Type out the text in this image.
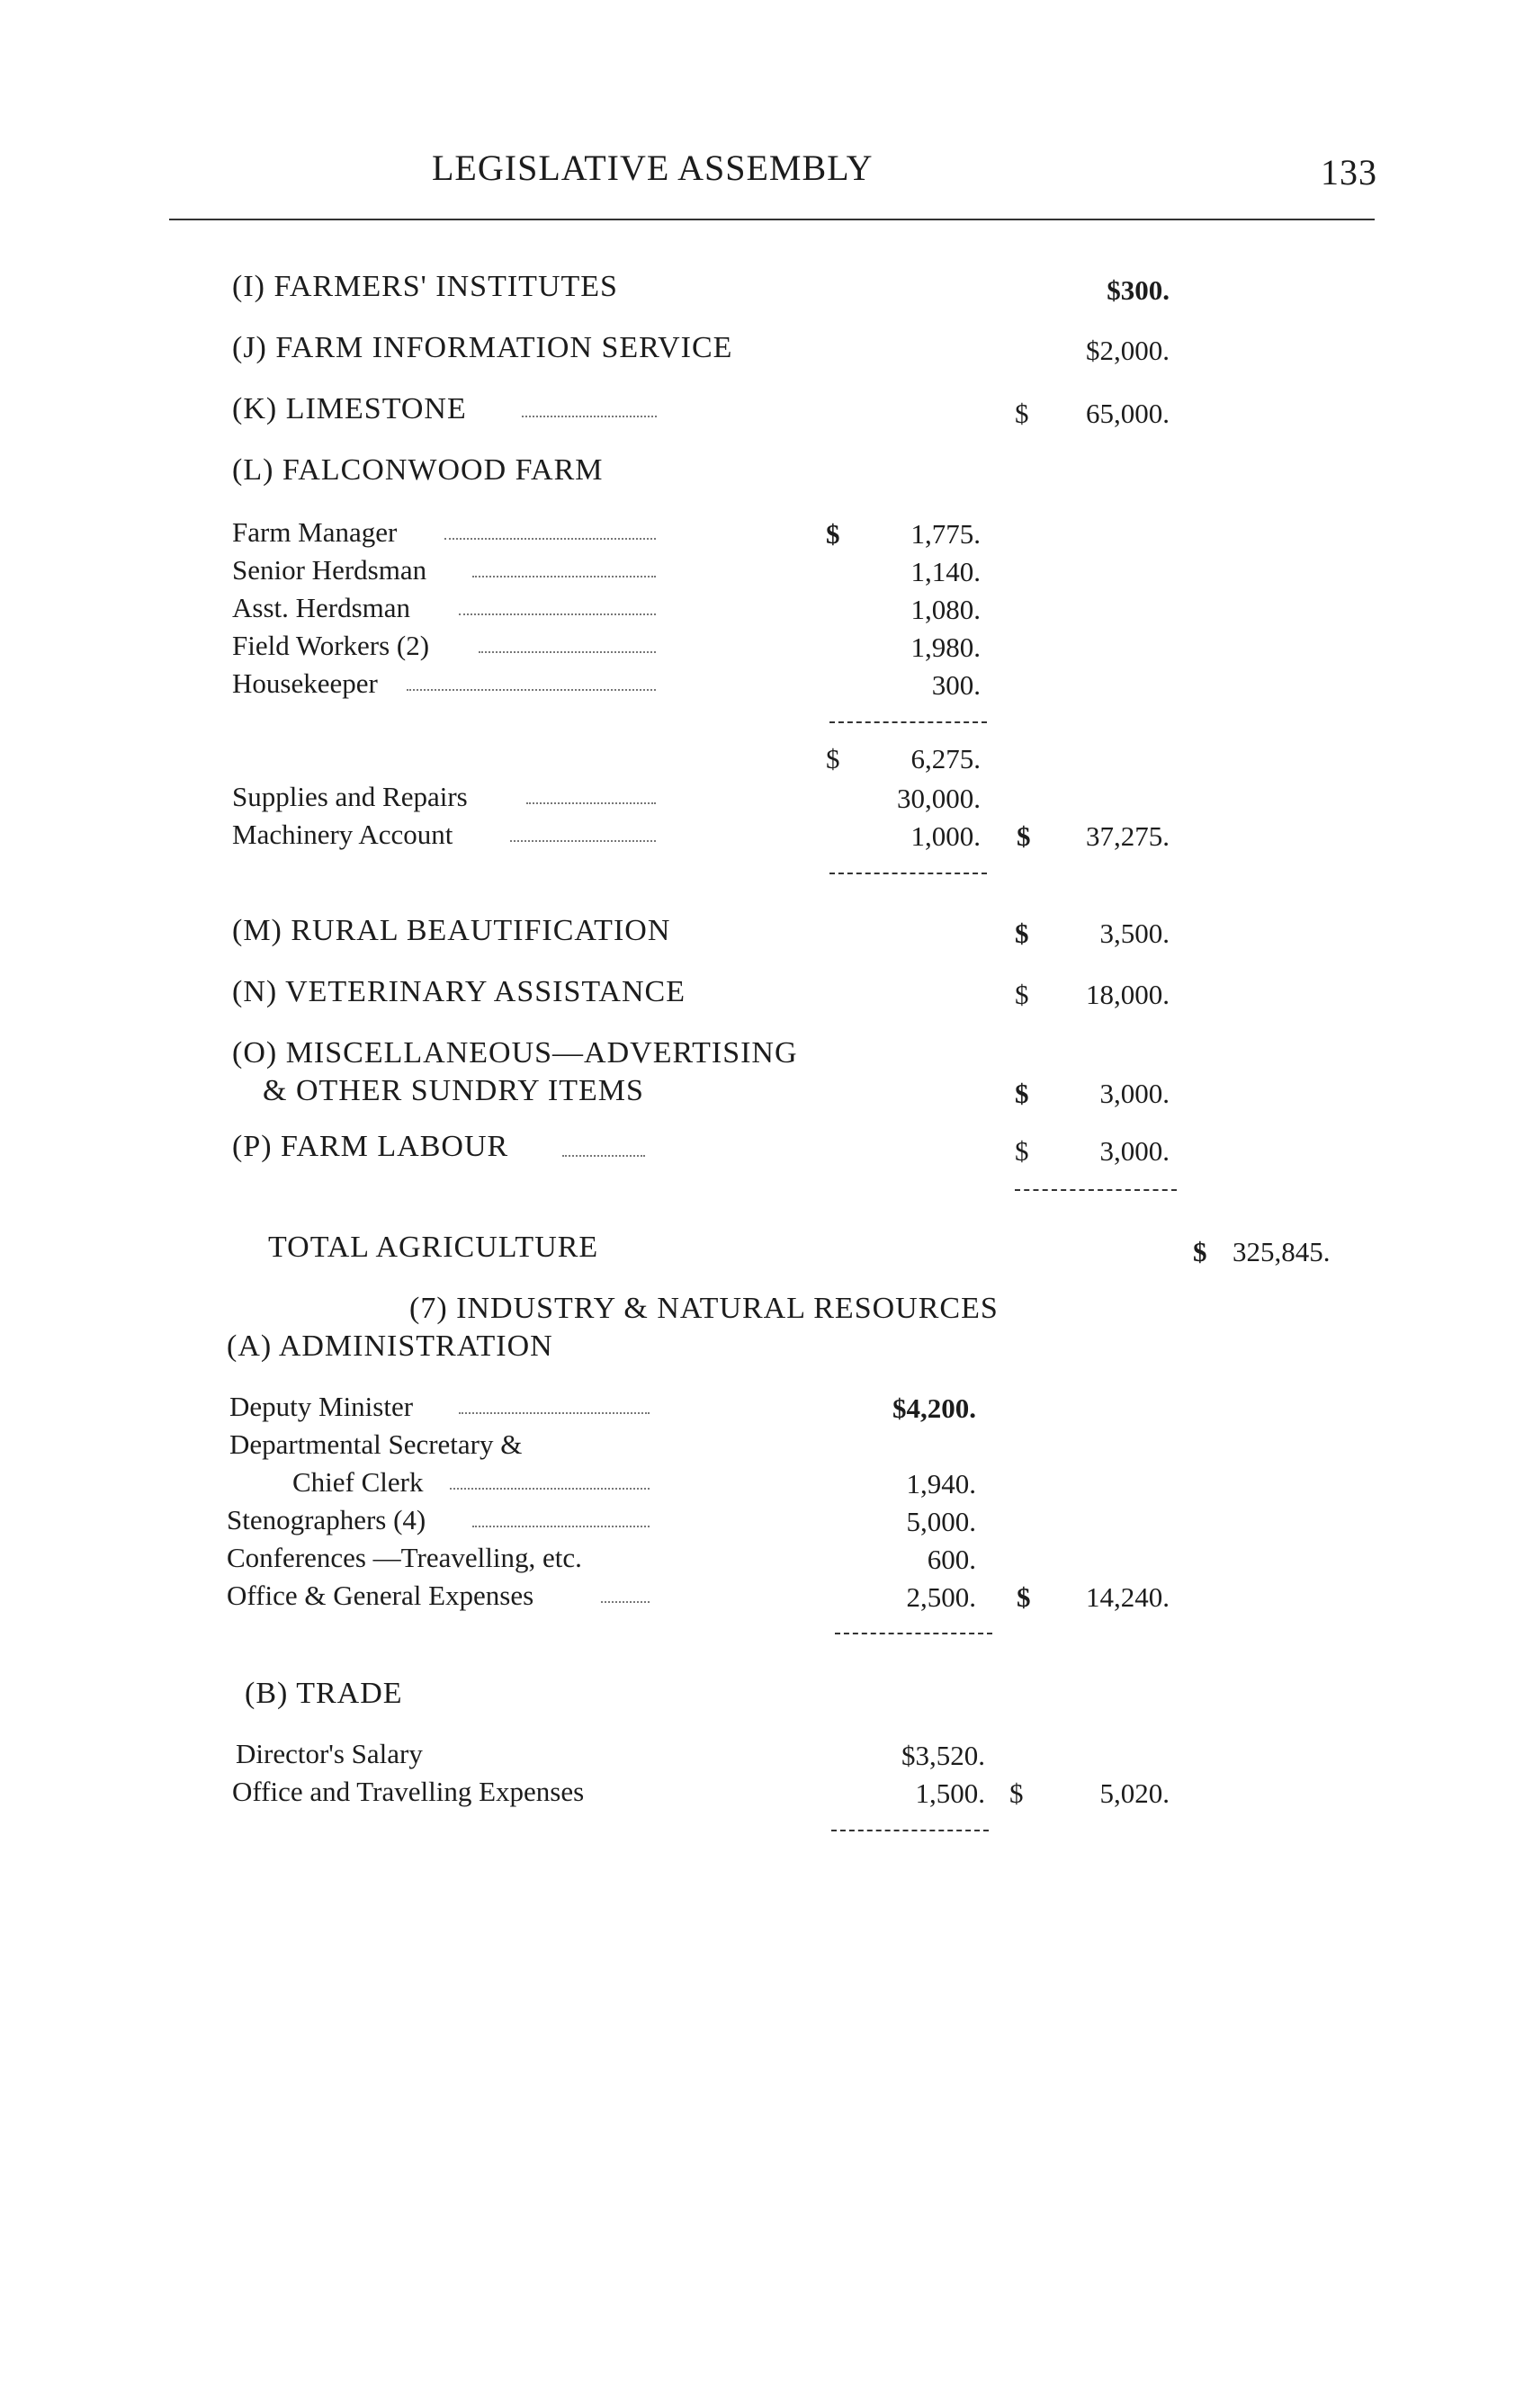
LEGISLATIVE ASSEMBLY	133
(I) FARMERS' INSTITUTES	$300.
(J) FARM INFORMATION SERVICE	$2,000.
(K) LIMESTONE	$	65,000.
(L) FALCONWOOD FARM
Farm Manager	$	1,775.
Senior Herdsman	1,140.
Asst. Herdsman	1,080.
Field Workers (2)	1,980.
Housekeeper	300.
$	6,275.
Supplies and Repairs	30,000.
Machinery Account	1,000. $	37,275.
(M) RURAL BEAUTIFICATION	$	3,500.
(N) VETERINARY ASSISTANCE	$	18,000.
(O) MISCELLANEOUS—ADVERTISING
& OTHER SUNDRY ITEMS	$	3,000.
(P) FARM LABOUR	$	3,000.
TOTAL AGRICULTURE	$ 325,845.
(7) INDUSTRY & NATURAL RESOURCES
(A) ADMINISTRATION
Deputy Minister	$4,200.
Departmental Secretary &
Chief Clerk	1,940.
Stenographers (4)	5,000.
Conferences —Treavelling, etc.	600.
Office & General Expenses	2,500. $	14,240.
(B) TRADE
Director's Salary	$3,520.
Office and Travelling Expenses	1,500. $	5,020.
